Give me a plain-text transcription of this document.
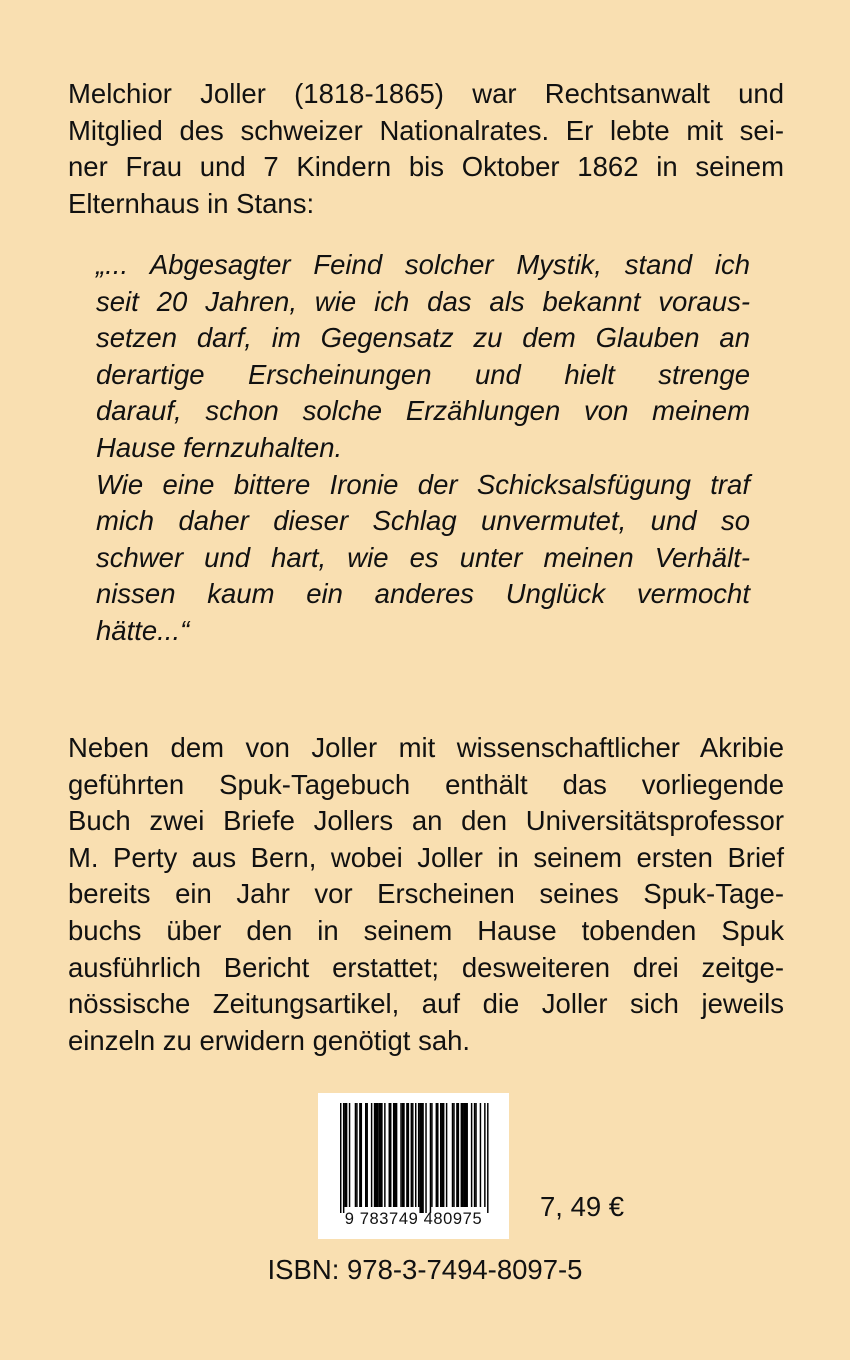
Melchior Joller (1818-1865) war Rechtsanwalt und
Mitglied des schweizer Nationalrates. Er lebte mit sei-
ner Frau und 7 Kindern bis Oktober 1862 in seinem
Elternhaus in Stans:
„... Abgesagter Feind solcher Mystik, stand ich
seit 20 Jahren, wie ich das als bekannt voraus-
setzen darf, im Gegensatz zu dem Glauben an
derartige Erscheinungen und hielt strenge
darauf, schon solche Erzählungen von meinem
Hause fernzuhalten.
Wie eine bittere Ironie der Schicksalsfügung traf
mich daher dieser Schlag unvermutet, und so
schwer und hart, wie es unter meinen Verhält-
nissen kaum ein anderes Unglück vermocht
hätte...“
Neben dem von Joller mit wissenschaftlicher Akribie
geführten Spuk-Tagebuch enthält das vorliegende
Buch zwei Briefe Jollers an den Universitätsprofessor
M. Perty aus Bern, wobei Joller in seinem ersten Brief
bereits ein Jahr vor Erscheinen seines Spuk-Tage-
buchs über den in seinem Hause tobenden Spuk
ausführlich Bericht erstattet; desweiteren drei zeitge-
nössische Zeitungsartikel, auf die Joller sich jeweils
einzeln zu erwidern genötigt sah.
9 783749 480975	7, 49 €
ISBN: 978-3-7494-8097-5
